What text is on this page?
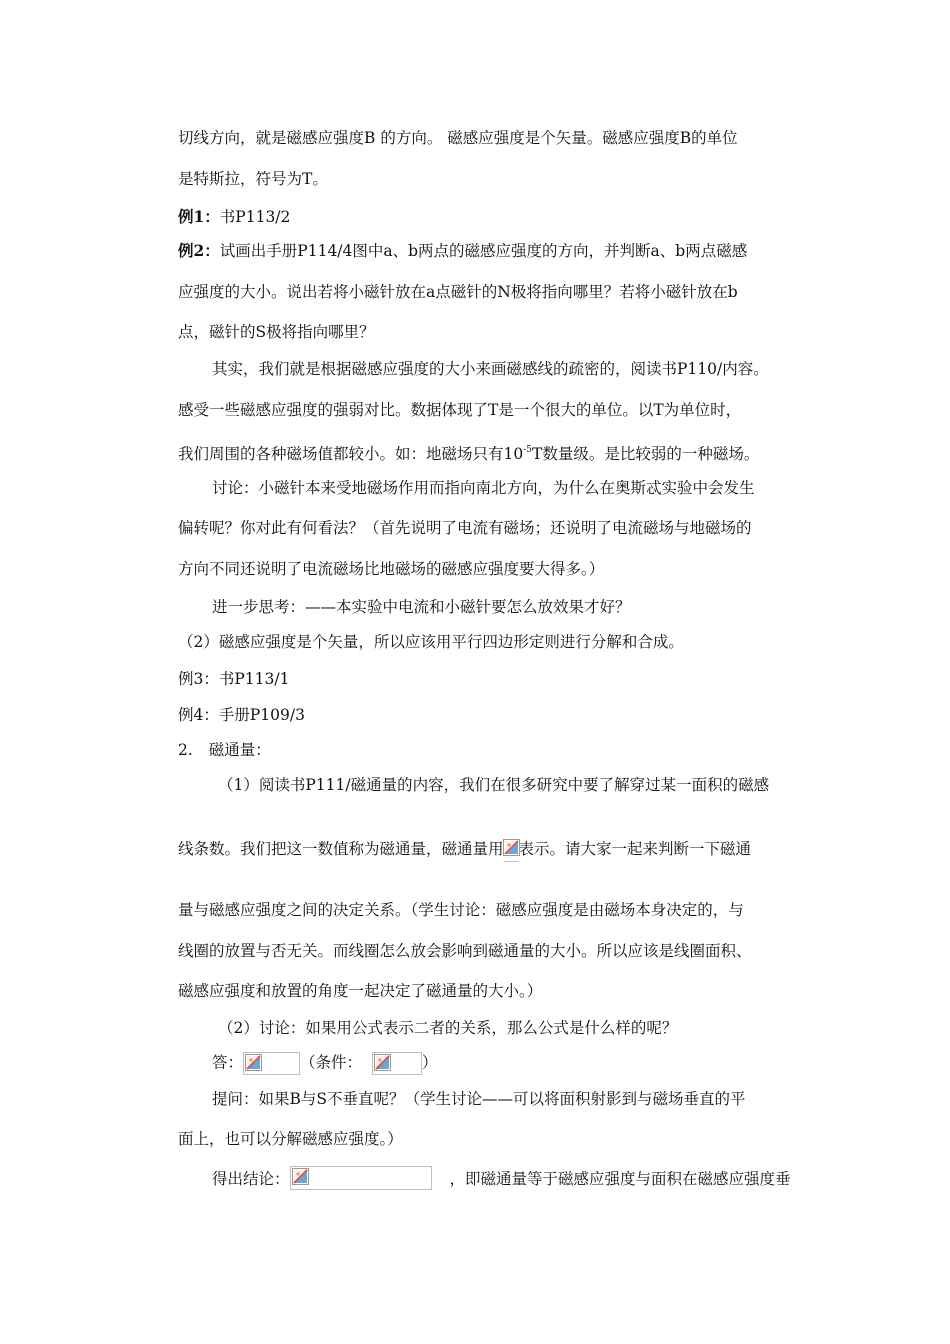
切线方向，就是磁感应强度B 的方向。 磁感应强度是个矢量。磁感应强度B的单位
是特斯拉，符号为T。
例1：书P113/2
例2：试画出手册P114/4图中a、b两点的磁感应强度的方向，并判断a、b两点磁感
应强度的大小。说出若将小磁针放在a点磁针的N极将指向哪里？若将小磁针放在b
点，磁针的S极将指向哪里？
其实，我们就是根据磁感应强度的大小来画磁感线的疏密的，阅读书P110/内容。
感受一些磁感应强度的强弱对比。数据体现了T是一个很大的单位。以T为单位时，
我们周围的各种磁场值都较小。如：地磁场只有$10^{-5}T$数量级。是比较弱的一种磁场。
讨论：小磁针本来受地磁场作用而指向南北方向，为什么在奥斯忒实验中会发生
偏转呢？你对此有何看法？（首先说明了电流有磁场；还说明了电流磁场与地磁场的
方向不同还说明了电流磁场比地磁场的磁感应强度要大得多。）
进一步思考：——本实验中电流和小磁针要怎么放效果才好？
（2）磁感应强度是个矢量，所以应该用平行四边形定则进行分解和合成。
例3：书P113/1
例4：手册P109/3
2. 磁通量：
（1）阅读书P111/磁通量的内容，我们在很多研究中要了解穿过某一面积的磁感
线条数。我们把这一数值称为磁通量，磁通量用 表示。请大家一起来判断一下磁通
量与磁感应强度之间的决定关系。（学生讨论：磁感应强度是由磁场本身决定的，与
线圈的放置与否无关。而线圈怎么放会影响到磁通量的大小。所以应该是线圈面积、
磁感应强度和放置的角度一起决定了磁通量的大小。）
（2）讨论：如果用公式表示二者的关系，那么公式是什么样的呢？
答：	（条件：	）
提问：如果B与S不垂直呢？（学生讨论——可以将面积射影到与磁场垂直的平
面上，也可以分解磁感应强度。）
得出结论：	，即磁通量等于磁感应强度与面积在磁感应强度垂
